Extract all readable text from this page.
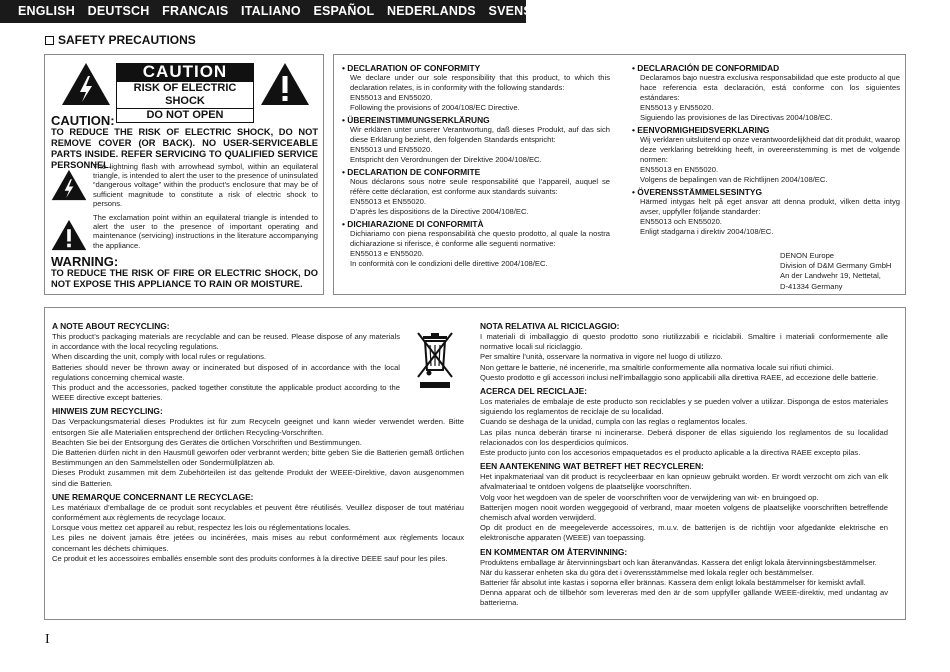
ENGLISH DEUTSCH FRANCAIS ITALIANO ESPAÑOL NEDERLANDS SVENSKA
SAFETY PRECAUTIONS
CAUTION
RISK OF ELECTRIC SHOCK
DO NOT OPEN
CAUTION:
TO REDUCE THE RISK OF ELECTRIC SHOCK, DO NOT REMOVE COVER (OR BACK). NO USER-SERVICEABLE PARTS INSIDE. REFER SERVICING TO QUALIFIED SERVICE PERSONNEL.
The lightning flash with arrowhead symbol, within an equilateral triangle, is intended to alert the user to the presence of uninsulated “dangerous voltage” within the product’s enclosure that may be of sufficient magnitude to constitute a risk of electric shock to persons.
The exclamation point within an equilateral triangle is intended to alert the user to the presence of important operating and maintenance (servicing) instructions in the literature accompanying the appliance.
WARNING:
TO REDUCE THE RISK OF FIRE OR ELECTRIC SHOCK, DO NOT EXPOSE THIS APPLIANCE TO RAIN OR MOISTURE.
• DECLARATION OF CONFORMITY
We declare under our sole responsibility that this product, to which this declaration relates, is in conformity with the following standards:
EN55013 and EN55020.
Following the provisions of 2004/108/EC Directive.
• ÜBEREINSTIMMUNGSERKLÄRUNG
Wir erklären unter unserer Verantwortung, daß dieses Produkt, auf das sich diese Erklärung bezieht, den folgenden Standards entspricht:
EN55013 und EN55020.
Entspricht den Verordnungen der Direktive 2004/108/EC.
• DECLARATION DE CONFORMITE
Nous déclarons sous notre seule responsabilité que l’appareil, auquel se réfère cette déclaration, est conforme aux standards suivants:
EN55013 et EN55020.
D’après les dispositions de la Directive 2004/108/EC.
• DICHIARAZIONE DI CONFORMITÀ
Dichiariamo con piena responsabilità che questo prodotto, al quale la nostra dichiarazione si riferisce, è conforme alle seguenti normative:
EN55013 e EN55020.
In conformità con le condizioni delle direttive 2004/108/EC.
• DECLARACIÓN DE CONFORMIDAD
Declaramos bajo nuestra exclusiva responsabilidad que este producto al que hace referencia esta declaración, está conforme con los siguientes estándares:
EN55013 y EN55020.
Siguiendo las provisiones de las Directivas 2004/108/EC.
• EENVORMIGHEIDSVERKLARING
Wij verklaren uitsluitend op onze verantwoordelijkheid dat dit produkt, waarop deze verklaring betrekking heeft, in overeenstemming is met de volgende normen:
EN55013 en EN55020.
Volgens de bepalingen van de Richtlijnen 2004/108/EC.
• ÖVERENSSTÄMMELSESINTYG
Härmed intygas helt på eget ansvar att denna produkt, vilken detta intyg avser, uppfyller följande standarder:
EN55013 och EN55020.
Enligt stadgarna i direktiv 2004/108/EC.
DENON Europe
Division of D&M Germany GmbH
An der Landwehr 19, Nettetal,
D-41334 Germany
A NOTE ABOUT RECYCLING:
This product’s packaging materials are recyclable and can be reused. Please dispose of any materials in accordance with the local recycling regulations.
When discarding the unit, comply with local rules or regulations.
Batteries should never be thrown away or incinerated but disposed of in accordance with the local regulations concerning chemical waste.
This product and the accessories, packed together constitute the applicable product according to the WEEE directive except batteries.
HINWEIS ZUM RECYCLING:
Das Verpackungsmaterial dieses Produktes ist für zum Recyceln geeignet und kann wieder verwendet werden. Bitte entsorgen Sie alle Materialien entsprechend der örtlichen Recycling-Vorschriften.
Beachten Sie bei der Entsorgung des Gerätes die örtlichen Vorschriften und Bestimmungen.
Die Batterien dürfen nicht in den Hausmüll geworfen oder verbrannt werden; bitte geben Sie die Batterien gemäß örtlichen Bestimmungen an den Sammelstellen oder Sondermüllplätzen ab.
Dieses Produkt zusammen mit dem Zubehörteilen ist das geltende Produkt der WEEE-Direktive, davon ausgenommen sind die Batterien.
UNE REMARQUE CONCERNANT LE RECYCLAGE:
Les matériaux d’emballage de ce produit sont recyclables et peuvent être réutilisés. Veuillez disposer de tout matériau conformément aux règlements de recyclage locaux.
Lorsque vous mettez cet appareil au rebut, respectez les lois ou réglementations locales.
Les piles ne doivent jamais être jetées ou incinérées, mais mises au rebut conformément aux règlements locaux concernant les déchets chimiques.
Ce produit et les accessoires emballés ensemble sont des produits conformes à la directive DEEE sauf pour les piles.
NOTA RELATIVA AL RICICLAGGIO:
I materiali di imballaggio di questo prodotto sono riutilizzabili e riciclabili. Smaltire i materiali conformemente alle normative locali sul riciclaggio.
Per smaltire l’unità, osservare la normativa in vigore nel luogo di utilizzo.
Non gettare le batterie, né incenerirle, ma smaltirle conformemente alla normativa locale sui rifiuti chimici.
Questo prodotto e gli accessori inclusi nell’imballaggio sono applicabili alla direttiva RAEE, ad eccezione delle batterie.
ACERCA DEL RECICLAJE:
Los materiales de embalaje de este producto son reciclables y se pueden volver a utilizar. Disponga de estos materiales siguiendo los reglamentos de reciclaje de su localidad.
Cuando se deshaga de la unidad, cumpla con las reglas o reglamentos locales.
Las pilas nunca deberán tirarse ni incinerarse. Deberá disponer de ellas siguiendo los reglamentos de su localidad relacionados con los desperdicios químicos.
Este producto junto con los accesorios empaquetados es el producto aplicable a la directiva RAEE excepto pilas.
EEN AANTEKENING WAT BETREFT HET RECYCLEREN:
Het inpakmateriaal van dit product is recycleerbaar en kan opnieuw gebruikt worden. Er wordt verzocht om zich van elk afvalmateriaal te ontdoen volgens de plaatselijke voorschriften.
Volg voor het wegdoen van de speler de voorschriften voor de verwijdering van wit- en bruingoed op.
Batterijen mogen nooit worden weggegooid of verbrand, maar moeten volgens de plaatselijke voorschriften betreffende chemisch afval worden verwijderd.
Op dit product en de meegeleverde accessoires, m.u.v. de batterijen is de richtlijn voor afgedankte elektrische en elektronische apparaten (WEEE) van toepassing.
EN KOMMENTAR OM ÅTERVINNING:
Produktens emballage är återvinningsbart och kan återanvändas. Kassera det enligt lokala återvinningsbestämmelser.
När du kasserar enheten ska du göra det i överensstämmelse med lokala regler och bestämmelser.
Batterier får absolut inte kastas i soporna eller brännas. Kassera dem enligt lokala bestämmelser för kemiskt avfall.
Denna apparat och de tillbehör som levereras med den är de som uppfyller gällande WEEE-direktiv, med undantag av batterierna.
I
